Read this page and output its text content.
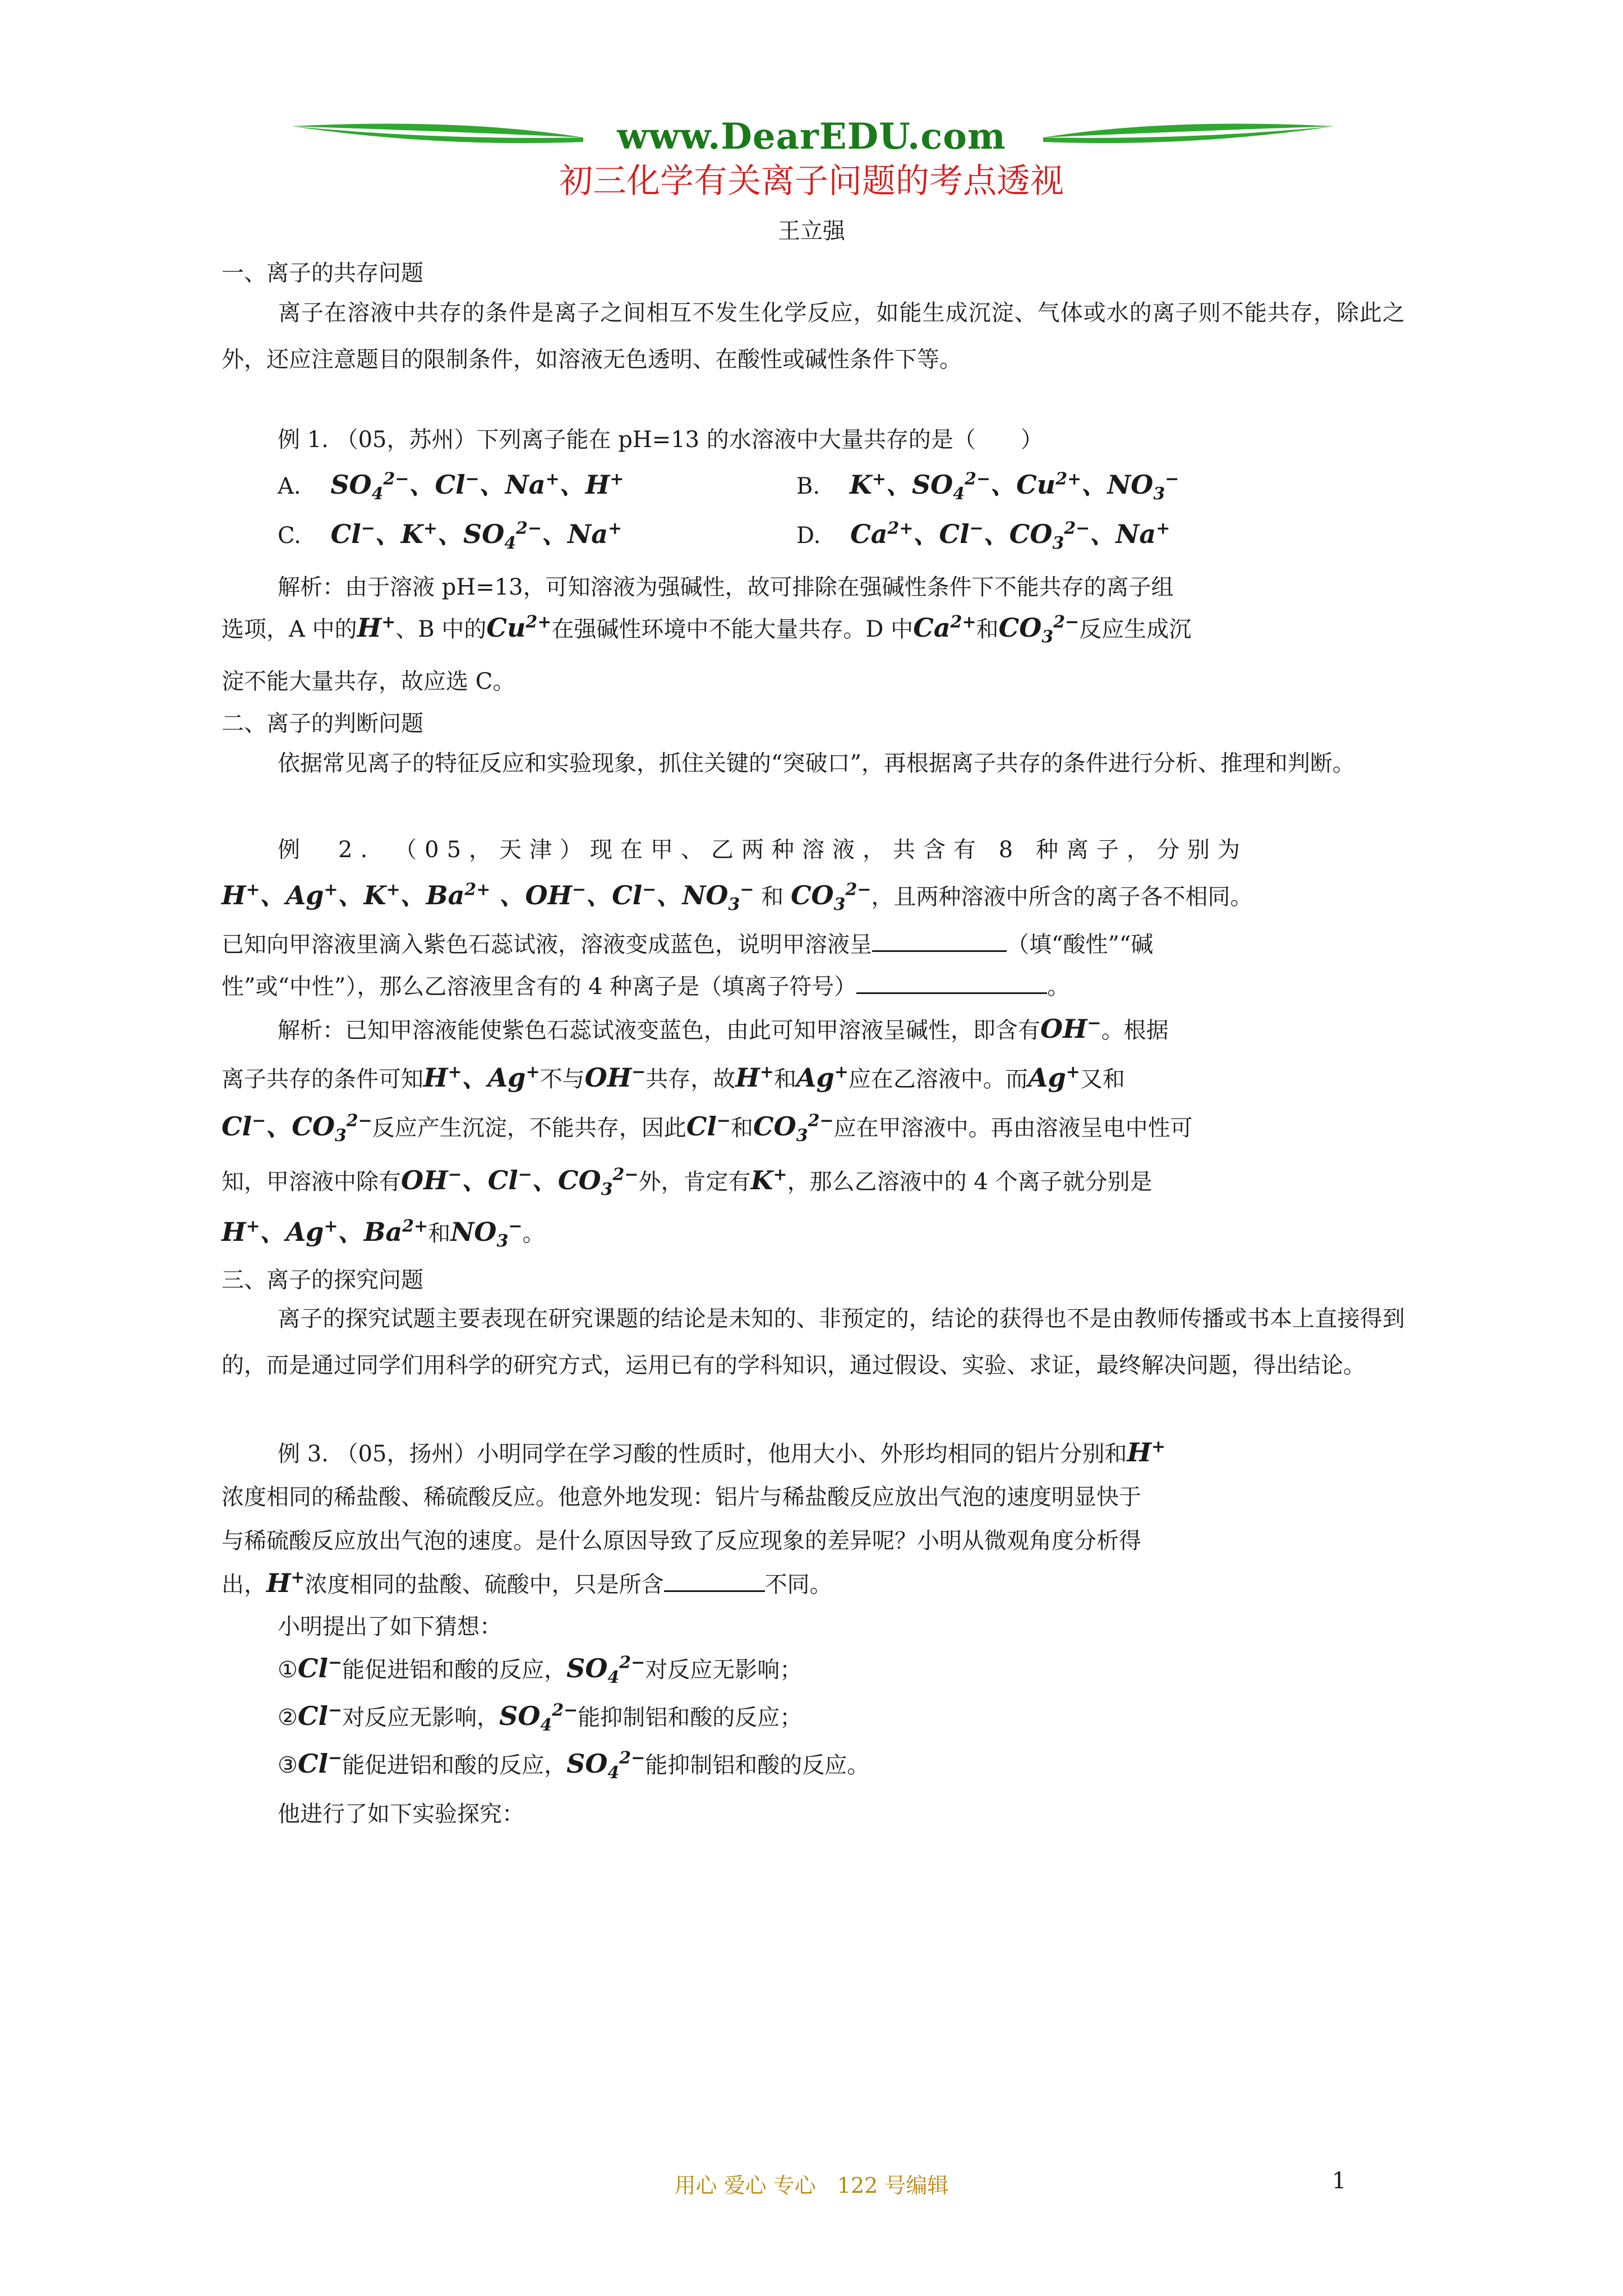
www.DearEDU.com
初三化学有关离子问题的考点透视
王立强
一、离子的共存问题
离子在溶液中共存的条件是离子之间相互不发生化学反应，如能生成沉淀、气体或水的离子则不能共存，除此之外，还应注意题目的限制条件，如溶液无色透明、在酸性或碱性条件下等。
例 1. （05，苏州）下列离子能在 pH=13 的水溶液中大量共存的是（　　）
A. $SO_4^{2-}$、Cl−、Na+、H+	B. K+、$SO_4^{2-}$、$Cu^{2+}$、$NO_3^-$
C. Cl−、K+、$SO_4^{2-}$、Na+	D. $Ca^{2+}$、Cl−、$CO_3^{2-}$、Na+
解析：由于溶液 pH=13，可知溶液为强碱性，故可排除在强碱性条件下不能共存的离子组
选项，A 中的H+、B 中的$Cu^{2+}$在强碱性环境中不能大量共存。D 中$Ca^{2+}$和$CO_3^{2-}$反应生成沉
淀不能大量共存，故应选 C。
二、离子的判断问题
依据常见离子的特征反应和实验现象，抓住关键的“突破口”，再根据离子共存的条件进行分析、推理和判断。
例　2.　（05，天津）现在甲、乙两种溶液，共含有 8 种离子，分别为
H+、Ag+、K+、$Ba^{2+}$ 、OH−、Cl−、$NO_3^-$ 和 $CO_3^{2-}$，且两种溶液中所含的离子各不相同。
已知向甲溶液里滴入紫色石蕊试液，溶液变成蓝色，说明甲溶液呈	（填“酸性”“碱
性”或“中性”），那么乙溶液里含有的 4 种离子是（填离子符号）	。
解析：已知甲溶液能使紫色石蕊试液变蓝色，由此可知甲溶液呈碱性，即含有OH−。根据
离子共存的条件可知H+、Ag+不与OH−共存，故H+和Ag+应在乙溶液中。而Ag+又和
Cl−、$CO_3^{2-}$反应产生沉淀，不能共存，因此Cl−和$CO_3^{2-}$应在甲溶液中。再由溶液呈电中性可
知，甲溶液中除有OH−、Cl−、$CO_3^{2-}$外，肯定有K+，那么乙溶液中的 4 个离子就分别是
H+、Ag+、$Ba^{2+}$和$NO_3^-$。
三、离子的探究问题
离子的探究试题主要表现在研究课题的结论是未知的、非预定的，结论的获得也不是由教师传播或书本上直接得到的，而是通过同学们用科学的研究方式，运用已有的学科知识，通过假设、实验、求证，最终解决问题，得出结论。
例 3. （05，扬州）小明同学在学习酸的性质时，他用大小、外形均相同的铝片分别和H+
浓度相同的稀盐酸、稀硫酸反应。他意外地发现：铝片与稀盐酸反应放出气泡的速度明显快于
与稀硫酸反应放出气泡的速度。是什么原因导致了反应现象的差异呢？小明从微观角度分析得
出，H+浓度相同的盐酸、硫酸中，只是所含	不同。
小明提出了如下猜想：
①Cl−能促进铝和酸的反应，$SO_4^{2-}$对反应无影响；
②Cl−对反应无影响，$SO_4^{2-}$能抑制铝和酸的反应；
③Cl−能促进铝和酸的反应，$SO_4^{2-}$能抑制铝和酸的反应。
他进行了如下实验探究：
用心 爱心 专心　122 号编辑	1
